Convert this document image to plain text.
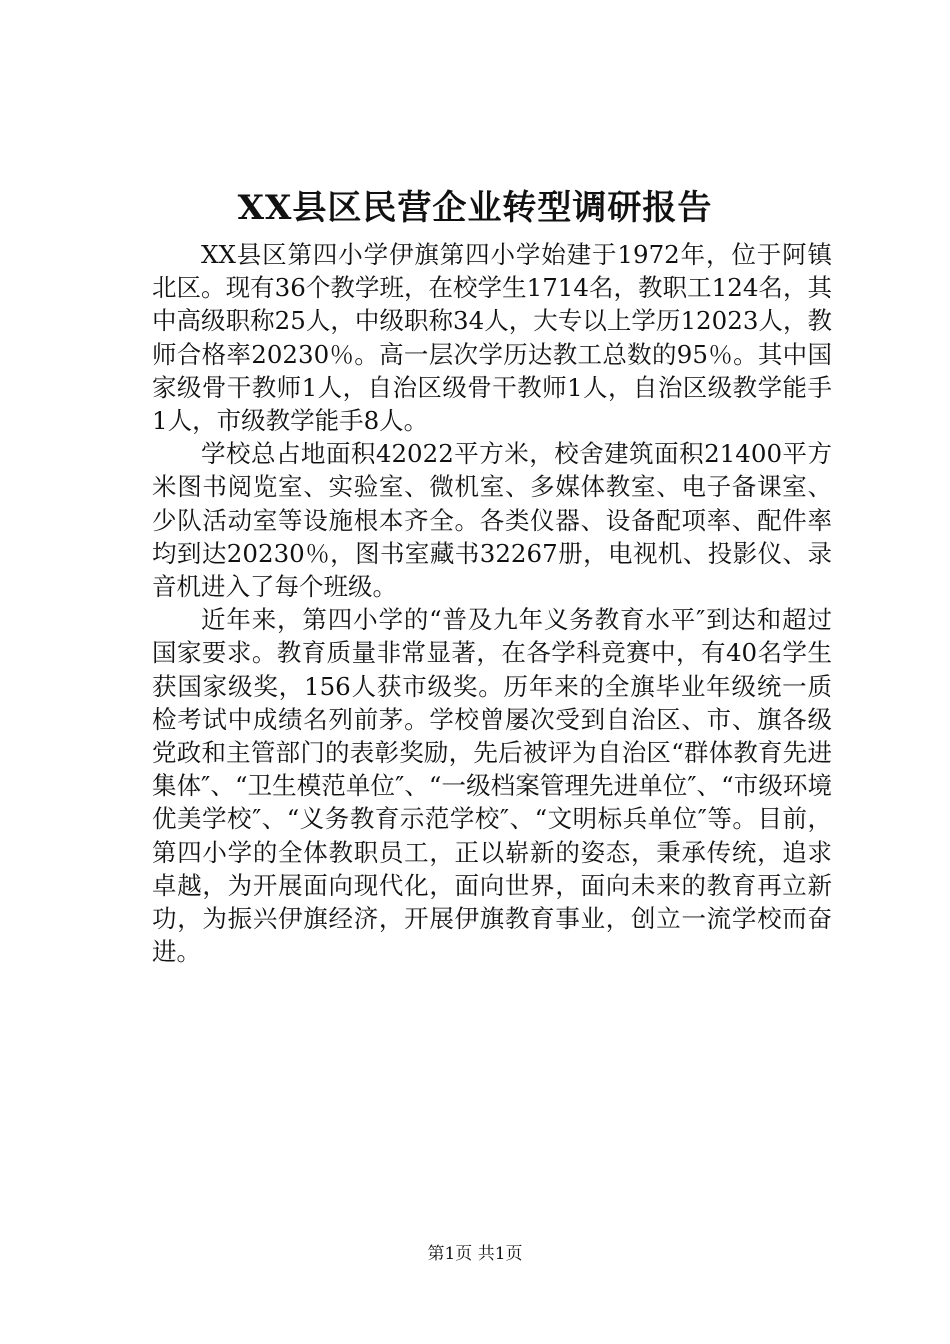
XX县区民营企业转型调研报告

XX县区第四小学伊旗第四小学始建于1972年，位于阿镇北区。现有36个教学班，在校学生1714名，教职工124名，其中高级职称25人，中级职称34人，大专以上学历12023人，教师合格率20230％。高一层次学历达教工总数的95％。其中国家级骨干教师1人，自治区级骨干教师1人，自治区级教学能手1人，市级教学能手8人。

学校总占地面积42022平方米，校舍建筑面积21400平方米图书阅览室、实验室、微机室、多媒体教室、电子备课室、少队活动室等设施根本齐全。各类仪器、设备配项率、配件率均到达20230％，图书室藏书32267册，电视机、投影仪、录音机进入了每个班级。

近年来，第四小学的“普及九年义务教育水平″到达和超过国家要求。教育质量非常显著，在各学科竞赛中，有40名学生获国家级奖，156人获市级奖。历年来的全旗毕业年级统一质检考试中成绩名列前茅。学校曾屡次受到自治区、市、旗各级党政和主管部门的表彰奖励，先后被评为自治区“群体教育先进集体″、“卫生模范单位″、“一级档案管理先进单位″、“市级环境优美学校″、“义务教育示范学校″、“文明标兵单位″等。目前，第四小学的全体教职员工，正以崭新的姿态，秉承传统，追求卓越，为开展面向现代化，面向世界，面向未来的教育再立新功，为振兴伊旗经济，开展伊旗教育事业，创立一流学校而奋进。

第1页 共1页
